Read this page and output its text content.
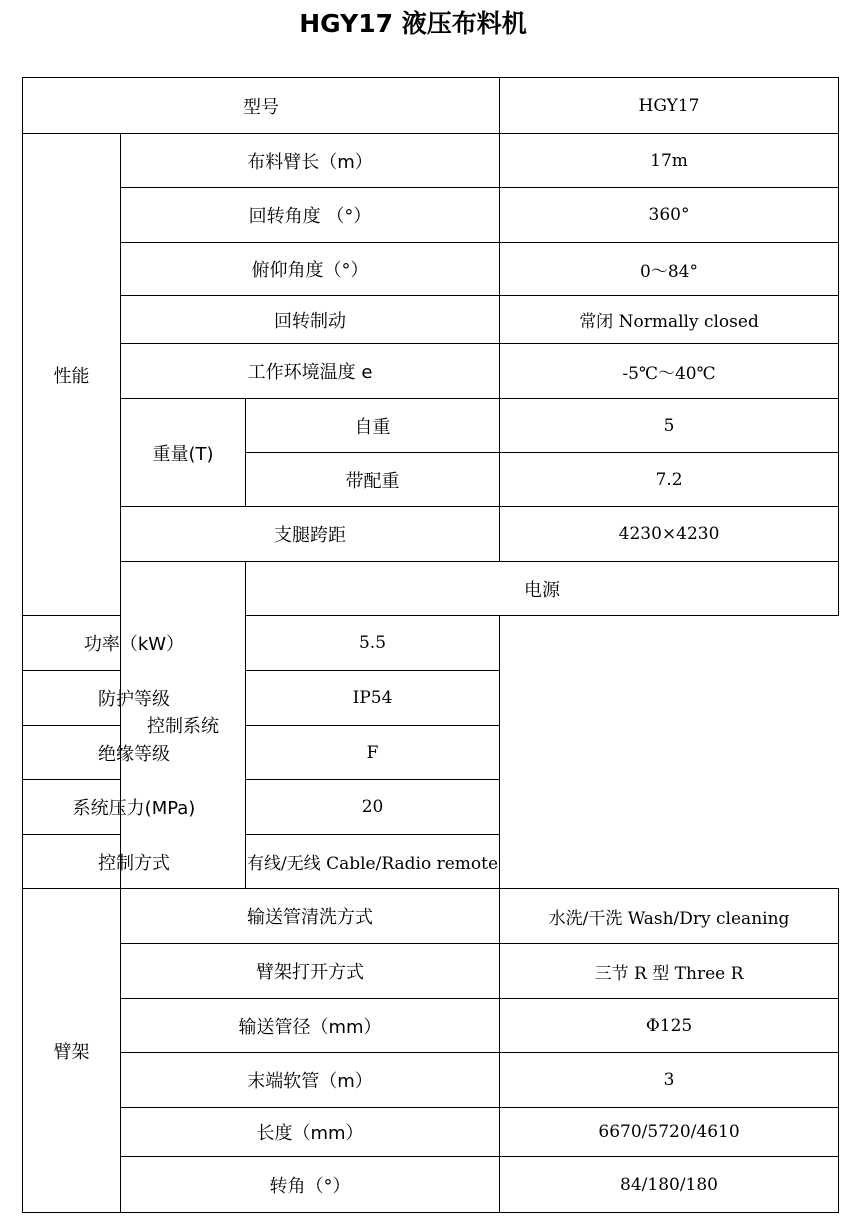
HGY17 液压布料机
型号			HGY17	
性能	布料臂长（m）		17m	
	回转角度 （°）		360°	
	俯仰角度（°）		0～84°	
	回转制动		常闭 Normally closed	
	工作环境温度 e		-5℃～40℃	
	重量(T)	自重	5	
		带配重	7.2	
	支腿跨距		4230×4230	
	控制系统	电源	
功率（kW）		5.5		
防护等级		IP54		
绝缘等级		F		
系统压力(MPa)		20		
控制方式		有线/无线 Cable/Radio remote		
臂架	输送管清洗方式		水洗/干洗 Wash/Dry cleaning	
	臂架打开方式		三节 R 型 Three R	
	输送管径（mm）		Φ125	
	末端软管（m）		3	
	长度（mm）		6670/5720/4610	
	转角（°）		84/180/180	
